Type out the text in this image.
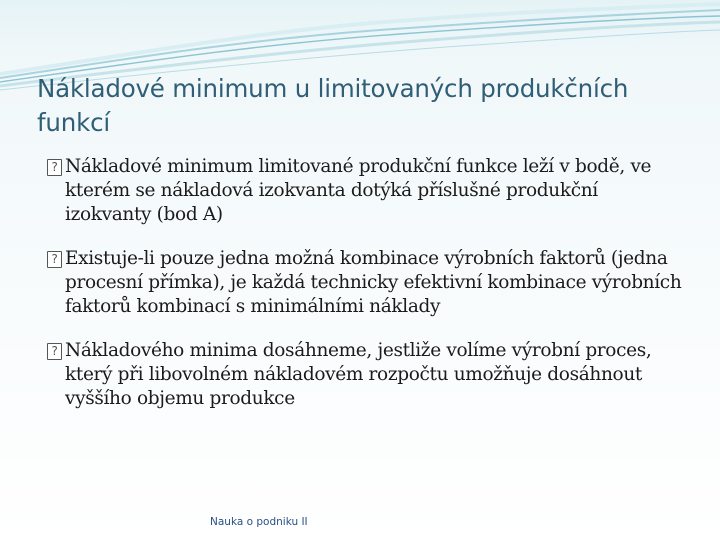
Nákladové minimum u limitovaných produkčních funkcí
?
Nákladové minimum limitované produkční funkce leží v bodě, ve kterém se nákladová izokvanta dotýká příslušné produkční izokvanty (bod A)
?
Existuje-li pouze jedna možná kombinace výrobních faktorů (jedna procesní přímka), je každá technicky efektivní kombinace výrobních faktorů kombinací s minimálními náklady
?
Nákladového minima dosáhneme, jestliže volíme výrobní proces, který při libovolném nákladovém rozpočtu umožňuje dosáhnout vyššího objemu produkce

Nauka o podniku II
